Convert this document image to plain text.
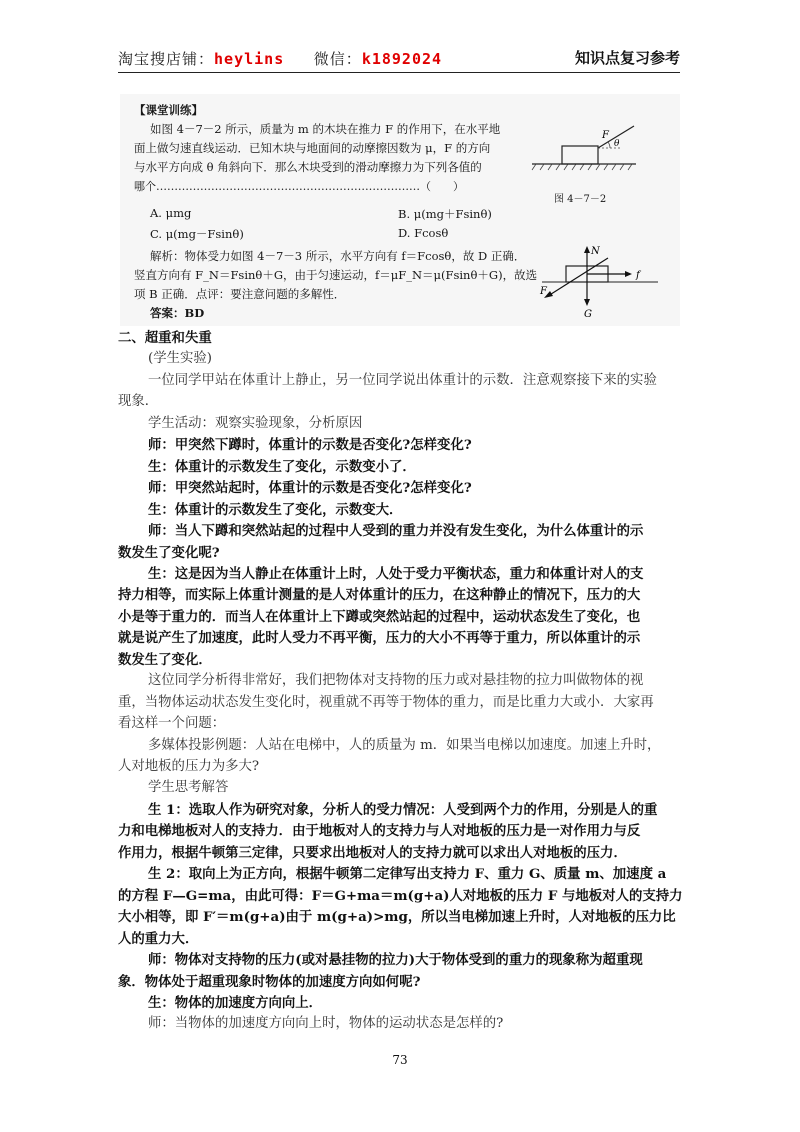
淘宝搜店铺：heylins 微信：k1892024	知识点复习参考
【课堂训练】
如图 4－7－2 所示，质量为 m 的木块在推力 F 的作用下，在水平地
面上做匀速直线运动．已知木块与地面间的动摩擦因数为 μ，F 的方向
与水平方向成 θ 角斜向下．那么木块受到的滑动摩擦力为下列各值的
哪个………………………………………………………………（　　）
A. μmg	B. μ(mg＋Fsinθ)
C. μ(mg－Fsinθ)	D. Fcosθ
解析：物体受力如图 4－7－3 所示，水平方向有 f＝Fcosθ，故 D 正确．
竖直方向有 F_N＝Fsinθ＋G，由于匀速运动，f＝μF_N＝μ(Fsinθ＋G)，故选
项 B 正确．点评：要注意问题的多解性．
答案：BD
F
θ
图 4－7－2
N
f
F
G
二、超重和失重
(学生实验)
一位同学甲站在体重计上静止，另一位同学说出体重计的示数．注意观察接下来的实验
现象．
学生活动：观察实验现象，分析原因
师：甲突然下蹲时，体重计的示数是否变化?怎样变化?
生：体重计的示数发生了变化，示数变小了．
师：甲突然站起时，体重计的示数是否变化?怎样变化?
生：体重计的示数发生了变化，示数变大．
师：当人下蹲和突然站起的过程中人受到的重力并没有发生变化，为什么体重计的示
数发生了变化呢?
生：这是因为当人静止在体重计上时，人处于受力平衡状态，重力和体重计对人的支
持力相等，而实际上体重计测量的是人对体重计的压力，在这种静止的情况下，压力的大
小是等于重力的．而当人在体重计上下蹲或突然站起的过程中，运动状态发生了变化，也
就是说产生了加速度，此时人受力不再平衡，压力的大小不再等于重力，所以体重计的示
数发生了变化．
这位同学分析得非常好，我们把物体对支持物的压力或对悬挂物的拉力叫做物体的视
重，当物体运动状态发生变化时，视重就不再等于物体的重力，而是比重力大或小．大家再
看这样一个问题：
多媒体投影例题：人站在电梯中，人的质量为 m．如果当电梯以加速度。加速上升时，
人对地板的压力为多大?
学生思考解答
生 1：选取人作为研究对象，分析人的受力情况：人受到两个力的作用，分别是人的重
力和电梯地板对人的支持力．由于地板对人的支持力与人对地板的压力是一对作用力与反
作用力，根据牛顿第三定律，只要求出地板对人的支持力就可以求出人对地板的压力．
生 2：取向上为正方向，根据牛顿第二定律写出支持力 F、重力 G、质量 m、加速度 a
的方程 F—G=ma，由此可得：F＝G+ma＝m(g+a)人对地板的压力 F 与地板对人的支持力
大小相等，即 F′＝m(g+a)由于 m(g+a)>mg，所以当电梯加速上升时，人对地板的压力比
人的重力大．
师：物体对支持物的压力(或对悬挂物的拉力)大于物体受到的重力的现象称为超重现
象．物体处于超重现象时物体的加速度方向如何呢?
生：物体的加速度方向向上．
师：当物体的加速度方向向上时，物体的运动状态是怎样的?
73
